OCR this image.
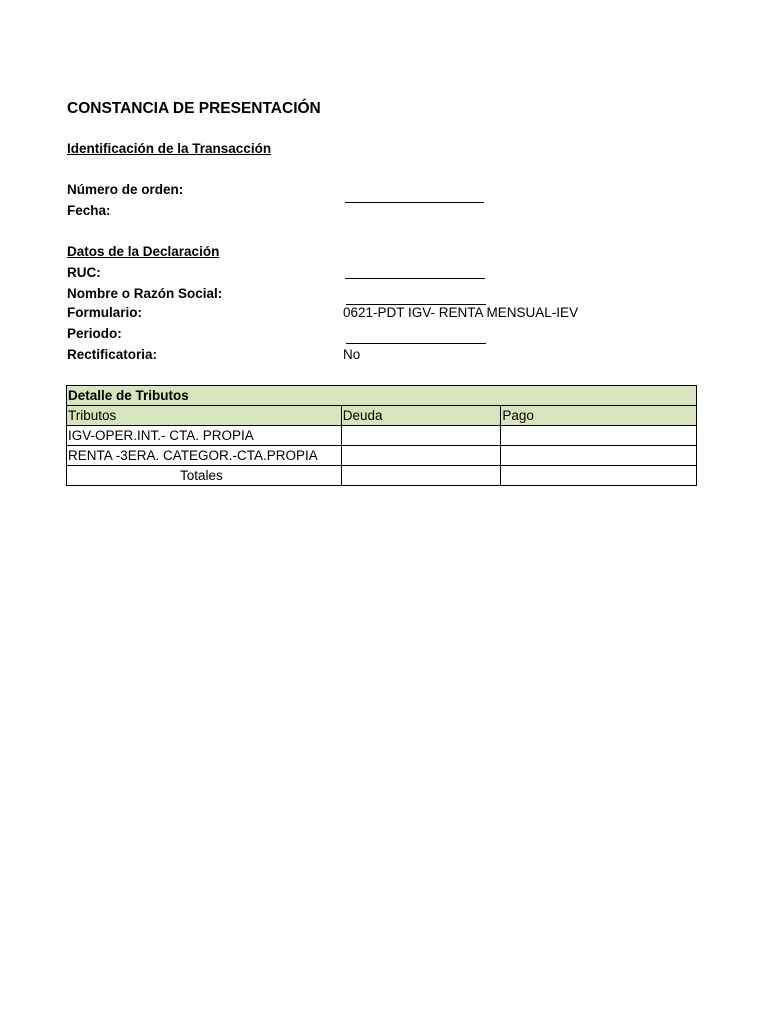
CONSTANCIA DE PRESENTACIÓN
Identificación de la Transacción
Número de orden:
Fecha:
Datos de la Declaración
RUC:
Nombre o Razón Social:
Formulario:	0621-PDT IGV- RENTA MENSUAL-IEV
Periodo:
Rectificatoria:	No
Detalle de Tributos		
Tributos	Deuda	Pago
IGV-OPER.INT.- CTA. PROPIA		
RENTA -3ERA. CATEGOR.-CTA.PROPIA		
Totales		
